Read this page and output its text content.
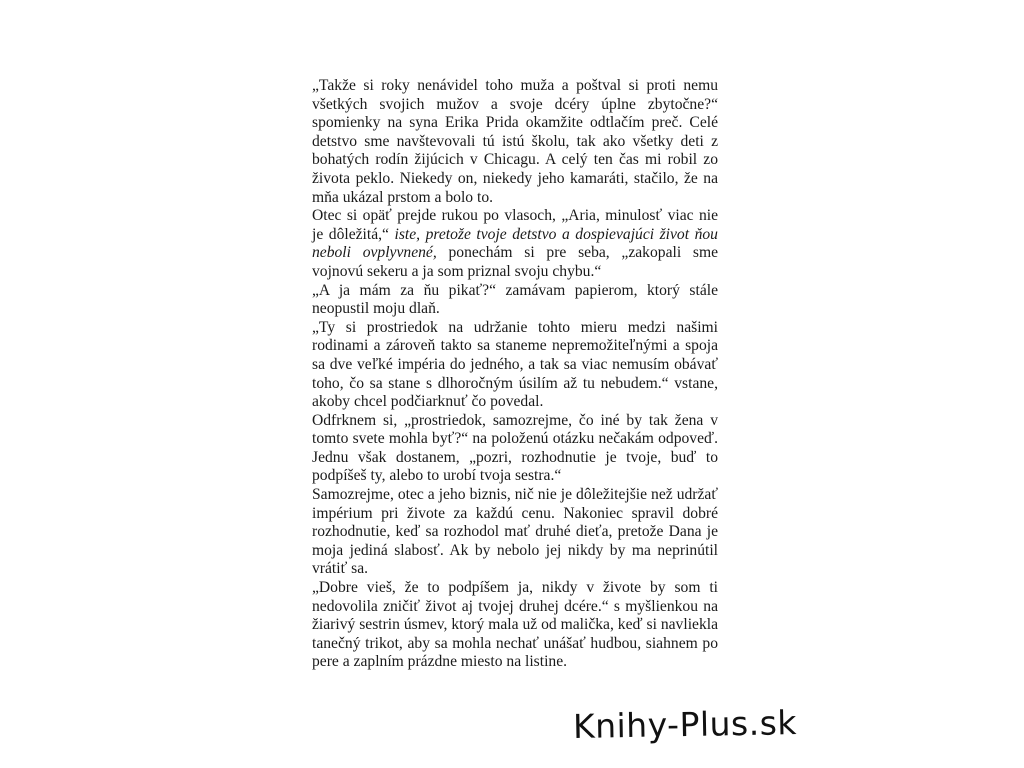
„Takže si roky nenávidel toho muža a poštval si proti nemu všetkých svojich mužov a svoje dcéry úplne zbytočne?“ spomienky na syna Erika Prida okamžite odtlačím preč. Celé detstvo sme navštevovali tú istú školu, tak ako všetky deti z bohatých rodín žijúcich v Chicagu. A celý ten čas mi robil zo života peklo. Niekedy on, niekedy jeho kamaráti, stačilo, že na mňa ukázal prstom a bolo to.

Otec si opäť prejde rukou po vlasoch, „Aria, minulosť viac nie je dôležitá,“ iste, pretože tvoje detstvo a dospievajúci život ňou neboli ovplyvnené, ponechám si pre seba, „zakopali sme vojnovú sekeru a ja som priznal svoju chybu.“

„A ja mám za ňu pikať?“ zamávam papierom, ktorý stále neopustil moju dlaň.

„Ty si prostriedok na udržanie tohto mieru medzi našimi rodinami a zároveň takto sa staneme nepremožiteľnými a spoja sa dve veľké impéria do jedného, a tak sa viac nemusím obávať toho, čo sa stane s dlhoročným úsilím až tu nebudem.“ vstane, akoby chcel podčiarknuť čo povedal.

Odfrknem si, „prostriedok, samozrejme, čo iné by tak žena v tomto svete mohla byť?“ na položenú otázku nečakám odpoveď. Jednu však dostanem, „pozri, rozhodnutie je tvoje, buď to podpíšeš ty, alebo to urobí tvoja sestra.“

Samozrejme, otec a jeho biznis, nič nie je dôležitejšie než udržať impérium pri živote za každú cenu. Nakoniec spravil dobré rozhodnutie, keď sa rozhodol mať druhé dieťa, pretože Dana je moja jediná slabosť. Ak by nebolo jej nikdy by ma neprinútil vrátiť sa.

„Dobre vieš, že to podpíšem ja, nikdy v živote by som ti nedovolila zničiť život aj tvojej druhej dcére.“ s myšlienkou na žiarivý sestrin úsmev, ktorý mala už od malička, keď si navliekla tanečný trikot, aby sa mohla nechať unášať hudbou, siahnem po pere a zaplním prázdne miesto na listine.

Knihy-Plus.sk
